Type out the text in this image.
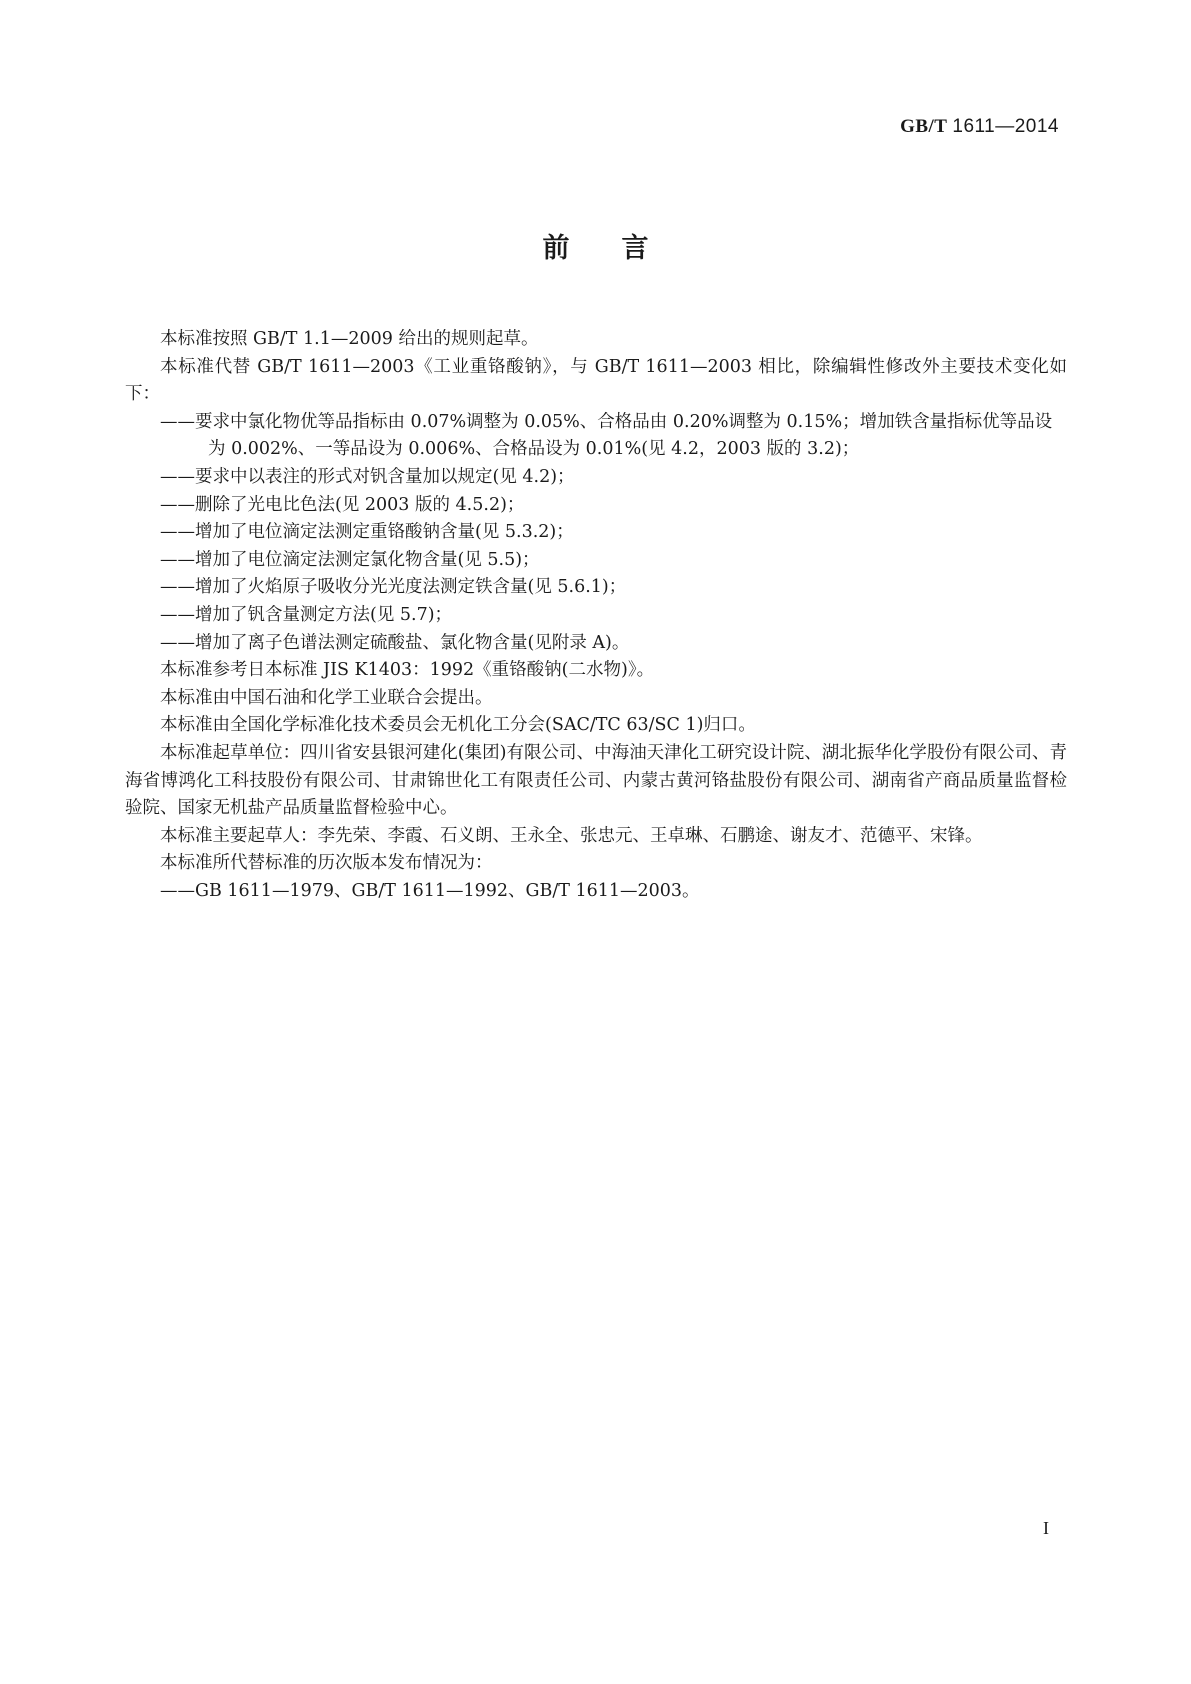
GB/T 1611—2014
前言

本标准按照 GB/T 1.1—2009 给出的规则起草。

本标准代替 GB/T 1611—2003《工业重铬酸钠》，与 GB/T 1611—2003 相比，除编辑性修改外主要技术变化如下：

——要求中氯化物优等品指标由 0.07%调整为 0.05%、合格品由 0.20%调整为 0.15%；增加铁含量指标优等品设为 0.002%、一等品设为 0.006%、合格品设为 0.01%(见 4.2，2003 版的 3.2)；

——要求中以表注的形式对钒含量加以规定(见 4.2)；

——删除了光电比色法(见 2003 版的 4.5.2)；

——增加了电位滴定法测定重铬酸钠含量(见 5.3.2)；

——增加了电位滴定法测定氯化物含量(见 5.5)；

——增加了火焰原子吸收分光光度法测定铁含量(见 5.6.1)；

——增加了钒含量测定方法(见 5.7)；

——增加了离子色谱法测定硫酸盐、氯化物含量(见附录 A)。

本标准参考日本标准 JIS K1403：1992《重铬酸钠(二水物)》。

本标准由中国石油和化学工业联合会提出。

本标准由全国化学标准化技术委员会无机化工分会(SAC/TC 63/SC 1)归口。

本标准起草单位：四川省安县银河建化(集团)有限公司、中海油天津化工研究设计院、湖北振华化学股份有限公司、青海省博鸿化工科技股份有限公司、甘肃锦世化工有限责任公司、内蒙古黄河铬盐股份有限公司、湖南省产商品质量监督检验院、国家无机盐产品质量监督检验中心。

本标准主要起草人：李先荣、李霞、石义朗、王永全、张忠元、王卓琳、石鹏途、谢友才、范德平、宋锋。

本标准所代替标准的历次版本发布情况为：

——GB 1611—1979、GB/T 1611—1992、GB/T 1611—2003。

I
